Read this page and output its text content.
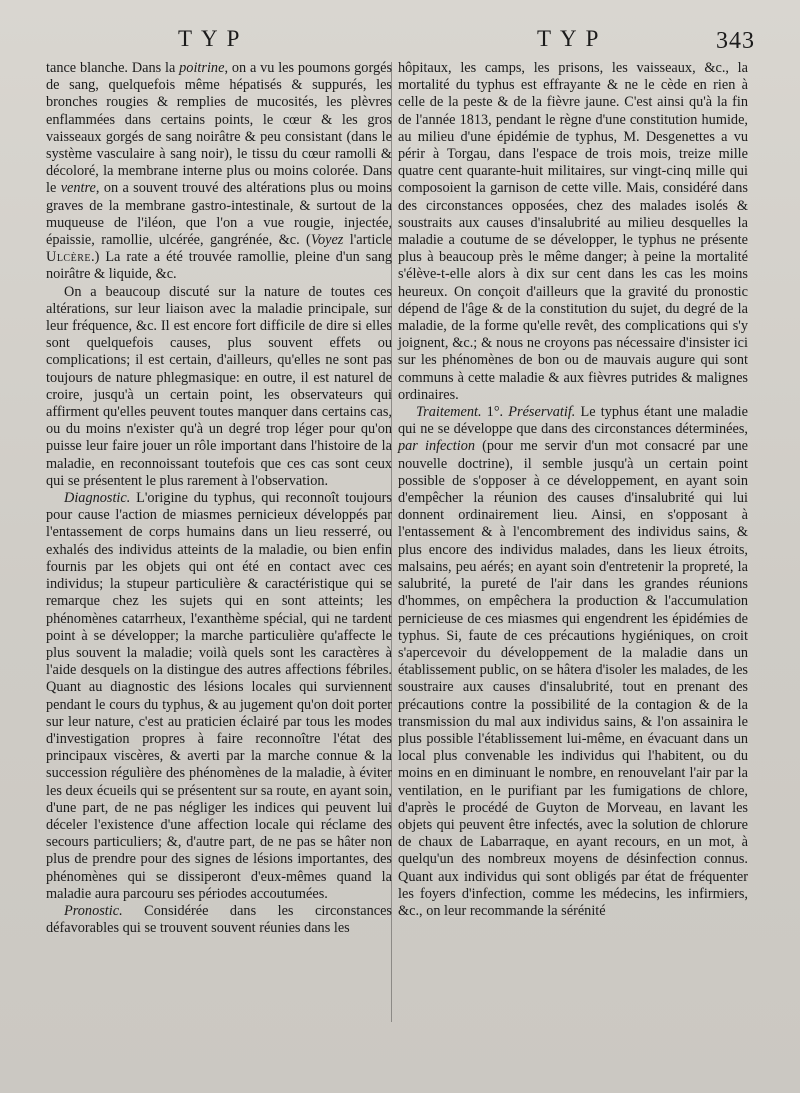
TYP	TYP	343

tance blanche. Dans la poitrine, on a vu les poumons gorgés de sang, quelquefois même hépatisés & suppurés, les bronches rougies & remplies de mucosités, les plèvres enflammées dans certains points, le cœur & les gros vaisseaux gorgés de sang noirâtre & peu consistant (dans le système vasculaire à sang noir), le tissu du cœur ramolli & décoloré, la membrane interne plus ou moins colorée. Dans le ventre, on a souvent trouvé des altérations plus ou moins graves de la membrane gastro-intestinale, & surtout de la muqueuse de l'iléon, que l'on a vue rougie, injectée, épaissie, ramollie, ulcérée, gangrénée, &c. (Voyez l'article Ulcère.) La rate a été trouvée ramollie, pleine d'un sang noirâtre & liquide, &c.

On a beaucoup discuté sur la nature de toutes ces altérations, sur leur liaison avec la maladie principale, sur leur fréquence, &c. Il est encore fort difficile de dire si elles sont quelquefois causes, plus souvent effets ou complications; il est certain, d'ailleurs, qu'elles ne sont pas toujours de nature phlegmasique: en outre, il est naturel de croire, jusqu'à un certain point, les observateurs qui affirment qu'elles peuvent toutes manquer dans certains cas, ou du moins n'exister qu'à un degré trop léger pour qu'on puisse leur faire jouer un rôle important dans l'histoire de la maladie, en reconnoissant toutefois que ces cas sont ceux qui se présentent le plus rarement à l'observation.

Diagnostic. L'origine du typhus, qui reconnoît toujours pour cause l'action de miasmes pernicieux développés par l'entassement de corps humains dans un lieu resserré, ou exhalés des individus atteints de la maladie, ou bien enfin fournis par les objets qui ont été en contact avec ces individus; la stupeur particulière & caractéristique qui se remarque chez les sujets qui en sont atteints; les phénomènes catarrheux, l'exanthème spécial, qui ne tardent point à se développer; la marche particulière qu'affecte le plus souvent la maladie; voilà quels sont les caractères à l'aide desquels on la distingue des autres affections fébriles. Quant au diagnostic des lésions locales qui surviennent pendant le cours du typhus, & au jugement qu'on doit porter sur leur nature, c'est au praticien éclairé par tous les modes d'investigation propres à faire reconnoître l'état des principaux viscères, & averti par la marche connue & la succession régulière des phénomènes de la maladie, à éviter les deux écueils qui se présentent sur sa route, en ayant soin, d'une part, de ne pas négliger les indices qui peuvent lui déceler l'existence d'une affection locale qui réclame des secours particuliers; &, d'autre part, de ne pas se hâter non plus de prendre pour des signes de lésions importantes, des phénomènes qui se dissiperont d'eux-mêmes quand la maladie aura parcouru ses périodes accoutumées.

Pronostic. Considérée dans les circonstances défavorables qui se trouvent souvent réunies dans les

hôpitaux, les camps, les prisons, les vaisseaux, &c., la mortalité du typhus est effrayante & ne le cède en rien à celle de la peste & de la fièvre jaune. C'est ainsi qu'à la fin de l'année 1813, pendant le règne d'une constitution humide, au milieu d'une épidémie de typhus, M. Desgenettes a vu périr à Torgau, dans l'espace de trois mois, treize mille quatre cent quarante-huit militaires, sur vingt-cinq mille qui composoient la garnison de cette ville. Mais, considéré dans des circonstances opposées, chez des malades isolés & soustraits aux causes d'insalubrité au milieu desquelles la maladie a coutume de se développer, le typhus ne présente plus à beaucoup près le même danger; à peine la mortalité s'élève-t-elle alors à dix sur cent dans les cas les moins heureux. On conçoit d'ailleurs que la gravité du pronostic dépend de l'âge & de la constitution du sujet, du degré de la maladie, de la forme qu'elle revêt, des complications qui s'y joignent, &c.; & nous ne croyons pas nécessaire d'insister ici sur les phénomènes de bon ou de mauvais augure qui sont communs à cette maladie & aux fièvres putrides & malignes ordinaires.

Traitement. 1°. Préservatif. Le typhus étant une maladie qui ne se développe que dans des circonstances déterminées, par infection (pour me servir d'un mot consacré par une nouvelle doctrine), il semble jusqu'à un certain point possible de s'opposer à ce développement, en ayant soin d'empêcher la réunion des causes d'insalubrité qui lui donnent ordinairement lieu. Ainsi, en s'opposant à l'entassement & à l'encombrement des individus sains, & plus encore des individus malades, dans les lieux étroits, malsains, peu aérés; en ayant soin d'entretenir la propreté, la salubrité, la pureté de l'air dans les grandes réunions d'hommes, on empêchera la production & l'accumulation pernicieuse de ces miasmes qui engendrent les épidémies de typhus. Si, faute de ces précautions hygiéniques, on croit s'apercevoir du développement de la maladie dans un établissement public, on se hâtera d'isoler les malades, de les soustraire aux causes d'insalubrité, tout en prenant des précautions contre la possibilité de la contagion & de la transmission du mal aux individus sains, & l'on assainira le plus possible l'établissement lui-même, en évacuant dans un local plus convenable les individus qui l'habitent, ou du moins en en diminuant le nombre, en renouvelant l'air par la ventilation, en le purifiant par les fumigations de chlore, d'après le procédé de Guyton de Morveau, en lavant les objets qui peuvent être infectés, avec la solution de chlorure de chaux de Labarraque, en ayant recours, en un mot, à quelqu'un des nombreux moyens de désinfection connus. Quant aux individus qui sont obligés par état de fréquenter les foyers d'infection, comme les médecins, les infirmiers, &c., on leur recommande la sérénité
